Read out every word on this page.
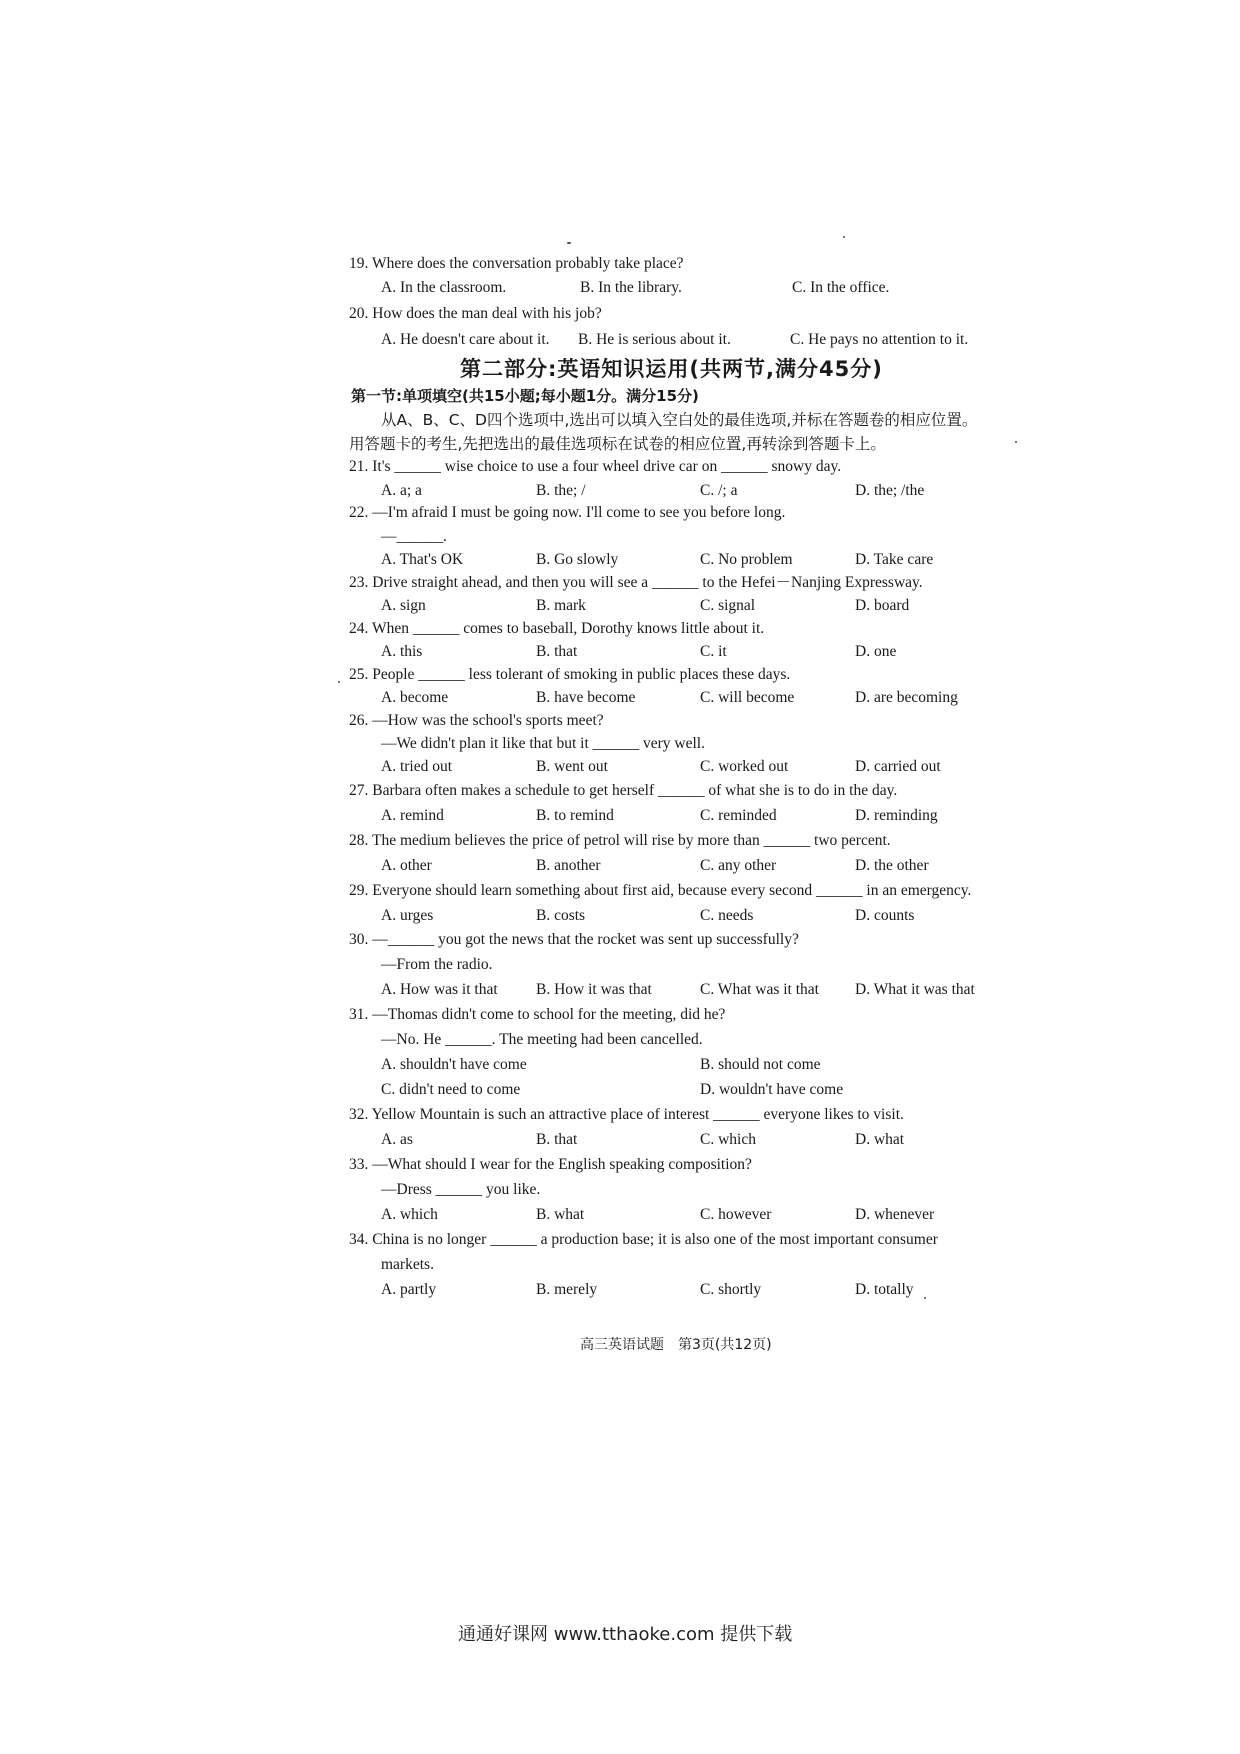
19. Where does the conversation probably take place?
A. In the classroom.	B. In the library.	C. In the office.
20. How does the man deal with his job?
A. He doesn't care about it. B. He is serious about it.	C. He pays no attention to it.
第二部分:英语知识运用(共两节,满分45分)
第一节:单项填空(共15小题;每小题1分。满分15分)
从A、B、C、D四个选项中,选出可以填入空白处的最佳选项,并标在答题卷的相应位置。
用答题卡的考生,先把选出的最佳选项标在试卷的相应位置,再转涂到答题卡上。
21. It's ______ wise choice to use a four wheel drive car on ______ snowy day.
A. a; a	B. the; /	C. /; a	D. the; /the
22. —I'm afraid I must be going now. I'll come to see you before long.
—______.
A. That's OK	B. Go slowly	C. No problem	D. Take care
23. Drive straight ahead, and then you will see a ______ to the Hefei－Nanjing Expressway.
A. sign	B. mark	C. signal	D. board
24. When ______ comes to baseball, Dorothy knows little about it.
A. this	B. that	C. it	D. one
25. People ______ less tolerant of smoking in public places these days.
A. become	B. have become	C. will become	D. are becoming
26. —How was the school's sports meet?
—We didn't plan it like that but it ______ very well.
A. tried out	B. went out	C. worked out	D. carried out
27. Barbara often makes a schedule to get herself ______ of what she is to do in the day.
A. remind	B. to remind	C. reminded	D. reminding
28. The medium believes the price of petrol will rise by more than ______ two percent.
A. other	B. another	C. any other	D. the other
29. Everyone should learn something about first aid, because every second ______ in an emergency.
A. urges	B. costs	C. needs	D. counts
30. —______ you got the news that the rocket was sent up successfully?
—From the radio.
A. How was it that B. How it was that	C. What was it that D. What it was that
31. —Thomas didn't come to school for the meeting, did he?
—No. He ______. The meeting had been cancelled.
A. shouldn't have come	B. should not come
C. didn't need to come	D. wouldn't have come
32. Yellow Mountain is such an attractive place of interest ______ everyone likes to visit.
A. as	B. that	C. which	D. what
33. —What should I wear for the English speaking composition?
—Dress ______ you like.
A. which	B. what	C. however	D. whenever
34. China is no longer ______ a production base; it is also one of the most important consumer
markets.
A. partly	B. merely	C. shortly	D. totally
高三英语试题　第3页(共12页)
通通好课网 www.tthaoke.com 提供下载
